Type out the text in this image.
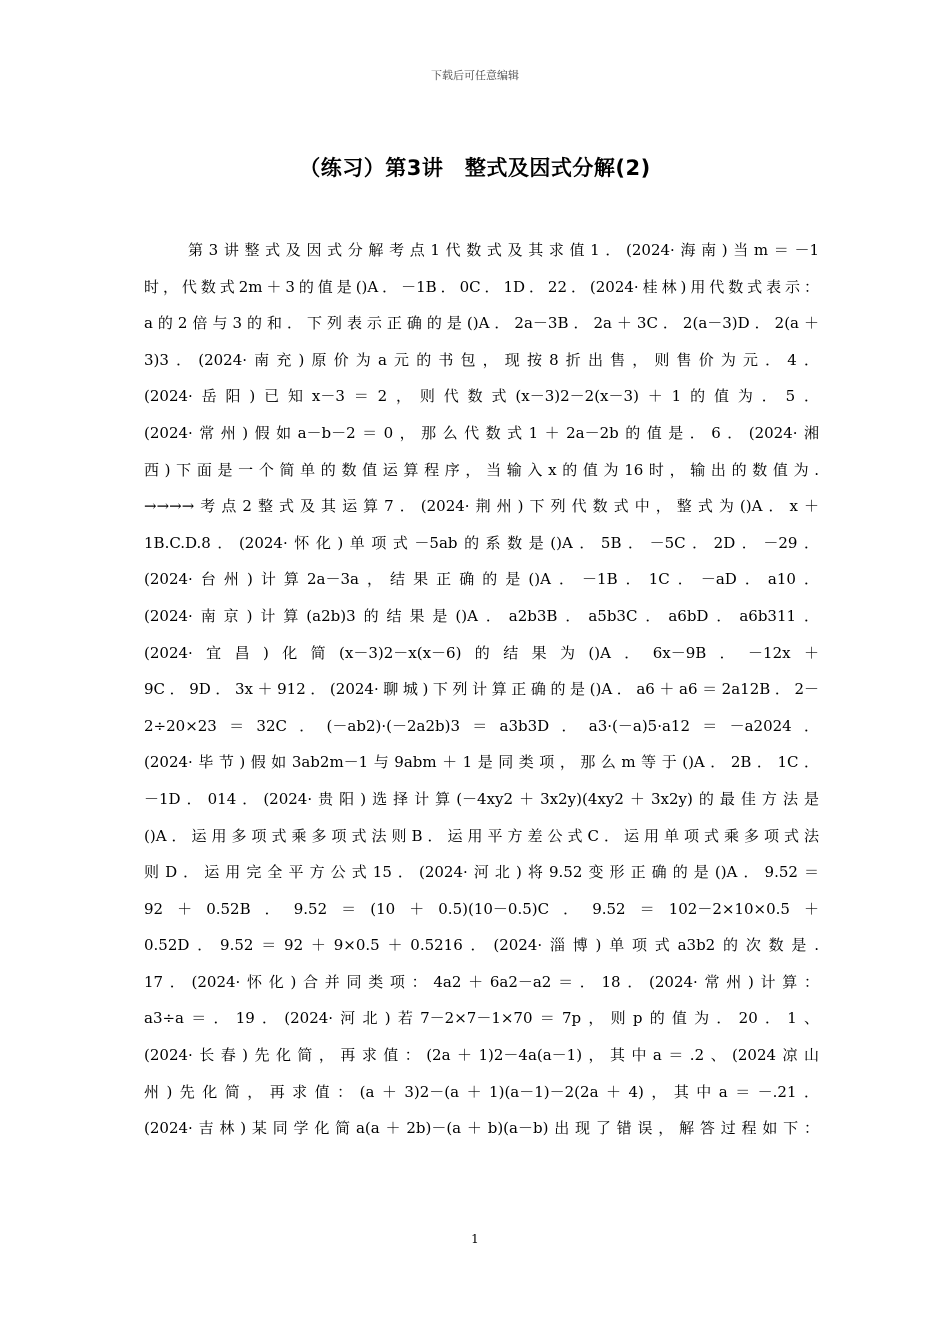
下载后可任意编辑
（练习）第3讲　整式及因式分解(2)
第3讲整式及因式分解考点1代数式及其求值1．(2024·海南)当m＝－1
时，代数式2m＋3的值是()A．－1B．0C．1D．22．(2024·桂林)用代数式表示：
a的2倍与3的和．下列表示正确的是()A．2a－3B．2a＋3C．2(a－3)D．2(a＋
3)3．(2024·南充)原价为a元的书包，现按8折出售，则售价为元．4．
(2024·岳阳)已知x－3＝2，则代数式(x－3)2－2(x－3)＋1的值为．5．
(2024·常州)假如a－b－2＝0，那么代数式1＋2a－2b的值是．6．(2024·湘
西)下面是一个简单的数值运算程序，当输入x的值为16时，输出的数值为.
→→→→考点2整式及其运算7．(2024·荆州)下列代数式中，整式为()A．x＋
1B.C.D.8．(2024·怀化)单项式－5ab的系数是()A．5B．－5C．2D．－29．
(2024·台州)计算2a－3a，结果正确的是()A．－1B．1C．－aD．a10．
(2024·南京)计算(a2b)3的结果是()A．a2b3B．a5b3C．a6bD．a6b311．
(2024·宜昌)化简(x－3)2－x(x－6)的结果为()A．6x－9B．－12x＋
9C．9D．3x＋912．(2024·聊城)下列计算正确的是()A．a6＋a6＝2a12B．2－
2÷20×23＝32C．(－ab2)·(－2a2b)3＝a3b3D．a3·(－a)5·a12＝－a2024．
(2024·毕节)假如3ab2m－1与9abm＋1是同类项，那么m等于()A．2B．1C．
－1D．014．(2024·贵阳)选择计算(－4xy2＋3x2y)(4xy2＋3x2y)的最佳方法是
()A．运用多项式乘多项式法则B．运用平方差公式C．运用单项式乘多项式法
则D．运用完全平方公式15．(2024·河北)将9.52变形正确的是()A．9.52＝
92＋0.52B．9.52＝(10＋0.5)(10－0.5)C．9.52＝102－2×10×0.5＋
0.52D．9.52＝92＋9×0.5＋0.5216．(2024·淄博)单项式a3b2的次数是.
17．(2024·怀化)合并同类项：4a2＋6a2－a2＝．18．(2024·常州)计算：
a3÷a＝．19．(2024·河北)若7－2×7－1×70＝7p，则p的值为．20．1、
(2024·长春)先化简，再求值：(2a＋1)2－4a(a－1)，其中a＝.2、(2024凉山
州)先化简，再求值：(a＋3)2－(a＋1)(a－1)－2(2a＋4)，其中a＝－.21．
(2024·吉林)某同学化简a(a＋2b)－(a＋b)(a－b)出现了错误，解答过程如下：
1
